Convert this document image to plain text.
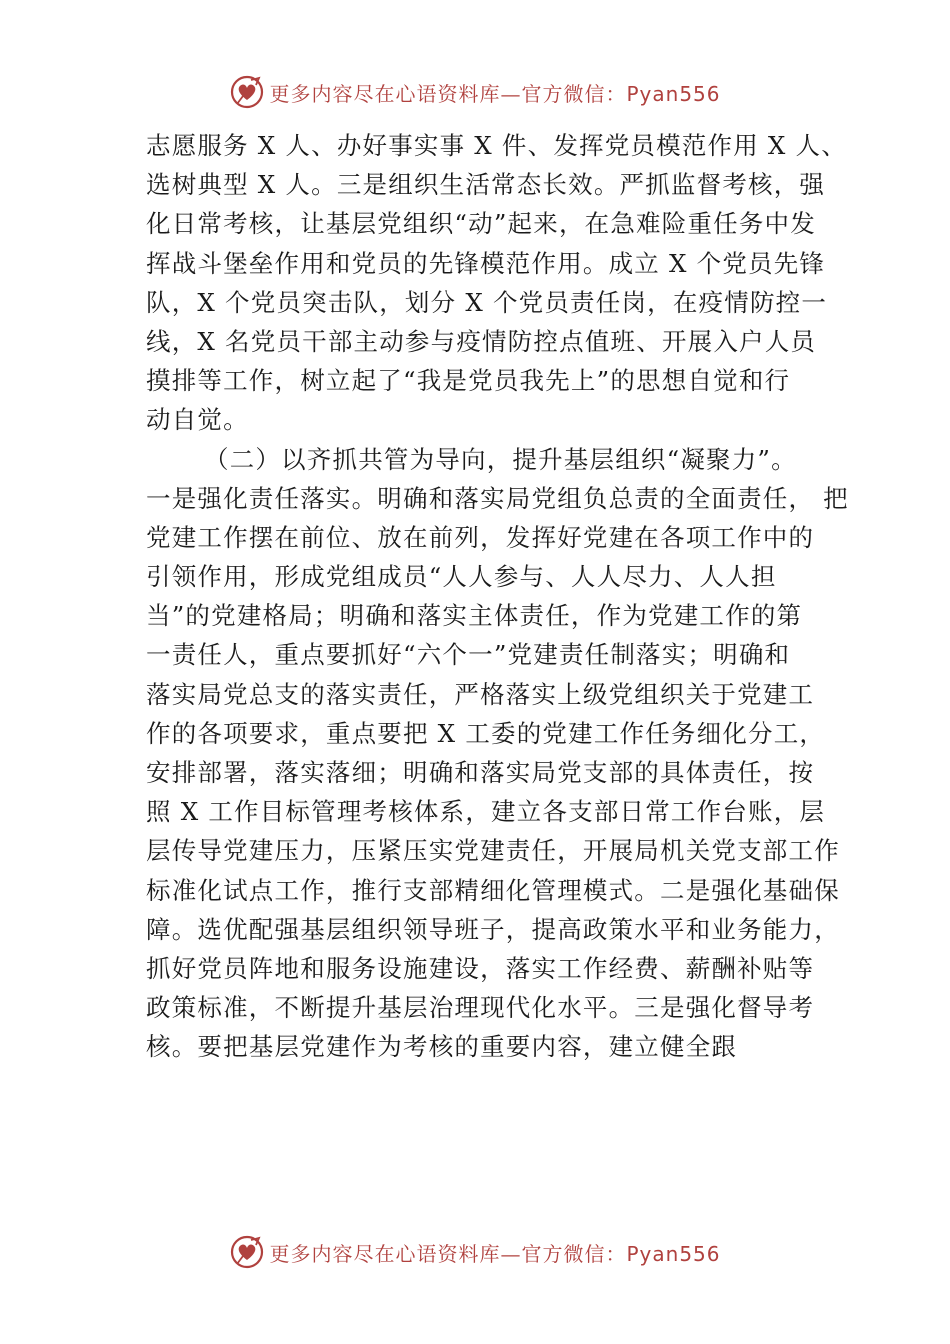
更多内容尽在心语资料库—官方微信：Pyan556
志愿服务 X 人、办好事实事 X 件、发挥党员模范作用 X 人、
选树典型 X 人。三是组织生活常态长效。严抓监督考核，强
化日常考核，让基层党组织“动”起来，在急难险重任务中发
挥战斗堡垒作用和党员的先锋模范作用。成立 X 个党员先锋
队，X 个党员突击队，划分 X 个党员责任岗，在疫情防控一
线，X 名党员干部主动参与疫情防控点值班、开展入户人员
摸排等工作，树立起了“我是党员我先上”的思想自觉和行
动自觉。
（二）以齐抓共管为导向，提升基层组织“凝聚力”。
一是强化责任落实。明确和落实局党组负总责的全面责任， 把
党建工作摆在前位、放在前列，发挥好党建在各项工作中的
引领作用，形成党组成员“人人参与、人人尽力、人人担
当”的党建格局；明确和落实主体责任，作为党建工作的第
一责任人，重点要抓好“六个一”党建责任制落实；明确和
落实局党总支的落实责任，严格落实上级党组织关于党建工
作的各项要求，重点要把 X 工委的党建工作任务细化分工，
安排部署，落实落细；明确和落实局党支部的具体责任，按
照 X 工作目标管理考核体系，建立各支部日常工作台账，层
层传导党建压力，压紧压实党建责任，开展局机关党支部工作
标准化试点工作，推行支部精细化管理模式。二是强化基础保
障。选优配强基层组织领导班子，提高政策水平和业务能力，
抓好党员阵地和服务设施建设，落实工作经费、薪酬补贴等
政策标准，不断提升基层治理现代化水平。三是强化督导考
核。要把基层党建作为考核的重要内容，建立健全跟
更多内容尽在心语资料库—官方微信：Pyan556
